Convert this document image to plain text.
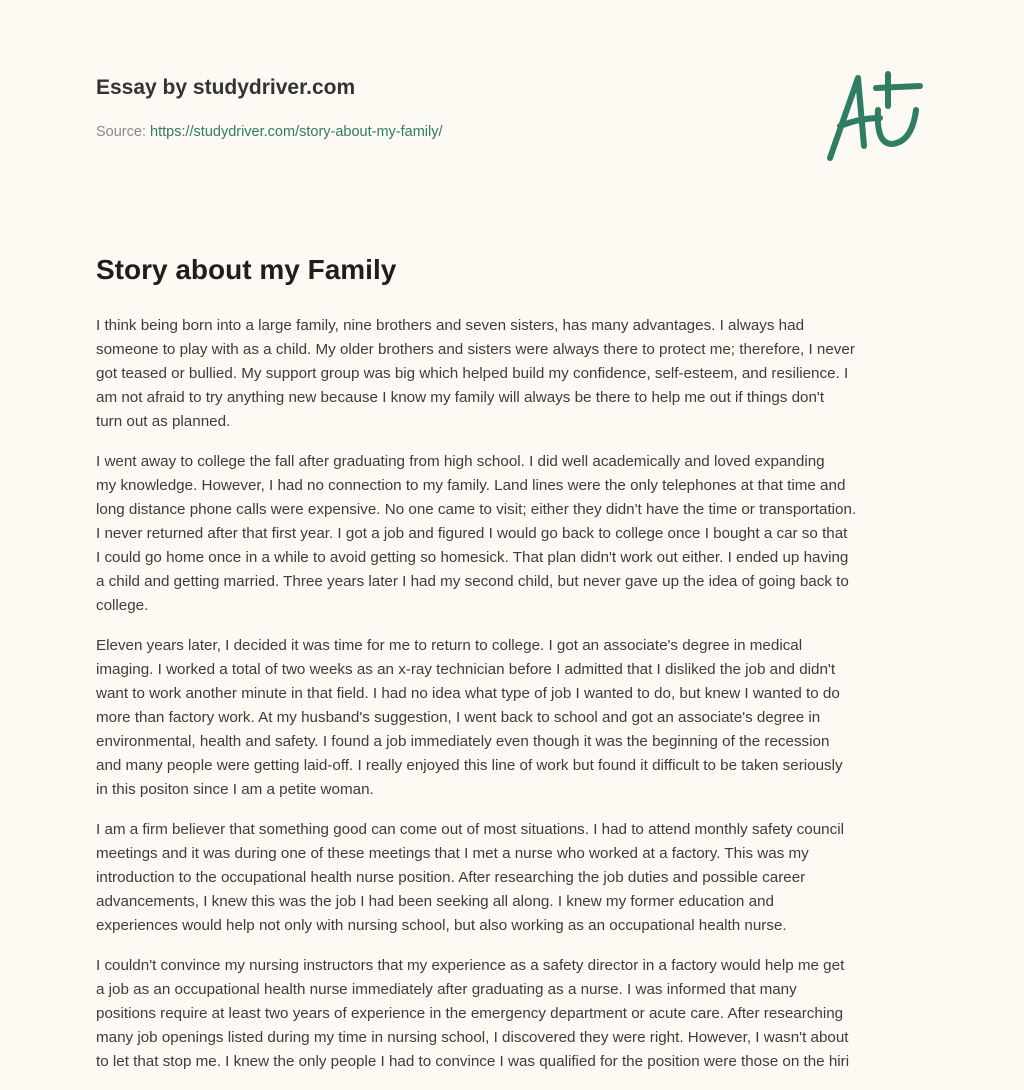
Essay by studydriver.com
Source: https://studydriver.com/story-about-my-family/
Story about my Family

I think being born into a large family, nine brothers and seven sisters, has many advantages. I always had
someone to play with as a child. My older brothers and sisters were always there to protect me; therefore, I never
got teased or bullied. My support group was big which helped build my confidence, self-esteem, and resilience. I
am not afraid to try anything new because I know my family will always be there to help me out if things don't
turn out as planned.

I went away to college the fall after graduating from high school. I did well academically and loved expanding
my knowledge. However, I had no connection to my family. Land lines were the only telephones at that time and
long distance phone calls were expensive. No one came to visit; either they didn't have the time or transportation.
I never returned after that first year. I got a job and figured I would go back to college once I bought a car so that
I could go home once in a while to avoid getting so homesick. That plan didn't work out either. I ended up having
a child and getting married. Three years later I had my second child, but never gave up the idea of going back to
college.

Eleven years later, I decided it was time for me to return to college. I got an associate's degree in medical
imaging. I worked a total of two weeks as an x-ray technician before I admitted that I disliked the job and didn't
want to work another minute in that field. I had no idea what type of job I wanted to do, but knew I wanted to do
more than factory work. At my husband's suggestion, I went back to school and got an associate's degree in
environmental, health and safety. I found a job immediately even though it was the beginning of the recession
and many people were getting laid-off. I really enjoyed this line of work but found it difficult to be taken seriously
in this positon since I am a petite woman.

I am a firm believer that something good can come out of most situations. I had to attend monthly safety council
meetings and it was during one of these meetings that I met a nurse who worked at a factory. This was my
introduction to the occupational health nurse position. After researching the job duties and possible career
advancements, I knew this was the job I had been seeking all along. I knew my former education and
experiences would help not only with nursing school, but also working as an occupational health nurse.

I couldn't convince my nursing instructors that my experience as a safety director in a factory would help me get
a job as an occupational health nurse immediately after graduating as a nurse. I was informed that many
positions require at least two years of experience in the emergency department or acute care. After researching
many job openings listed during my time in nursing school, I discovered they were right. However, I wasn't about
to let that stop me. I knew the only people I had to convince I was qualified for the position were those on the hiri
